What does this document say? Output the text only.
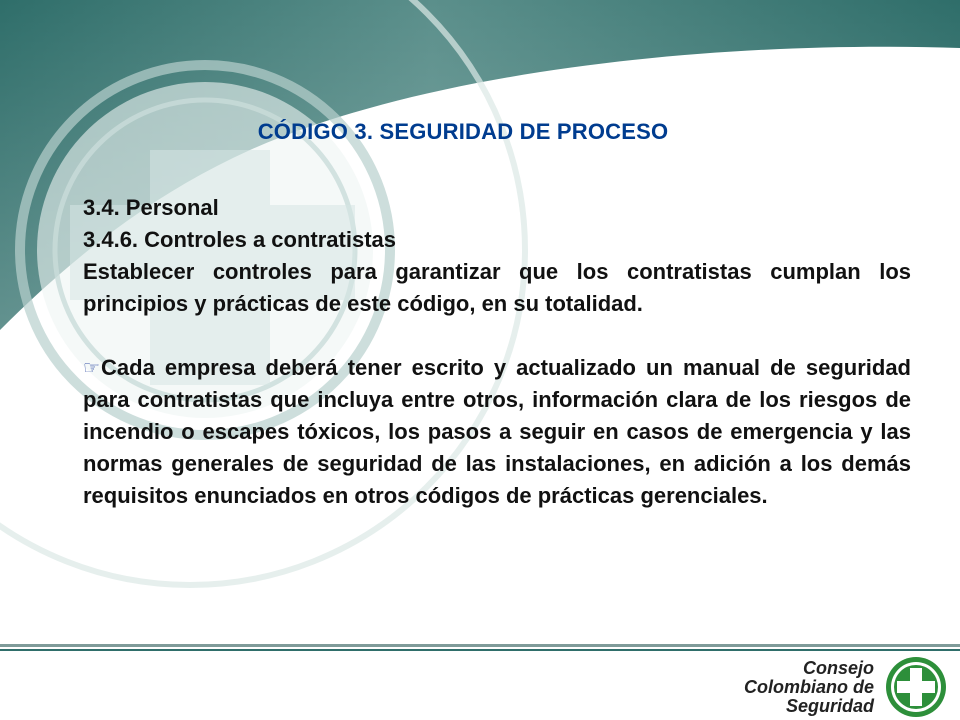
CÓDIGO 3. SEGURIDAD DE PROCESO
3.4. Personal
3.4.6. Controles a contratistas

Establecer controles para garantizar que los contratistas cumplan los principios y prácticas de este código, en su totalidad.

☞Cada empresa deberá tener escrito y actualizado un manual de seguridad para contratistas que incluya entre otros, información clara de los riesgos de incendio o escapes tóxicos, los pasos a seguir en casos de emergencia y las normas generales de seguridad de las instalaciones, en adición a los demás requisitos enunciados en otros códigos de prácticas gerenciales.

Consejo
Colombiano de
Seguridad
